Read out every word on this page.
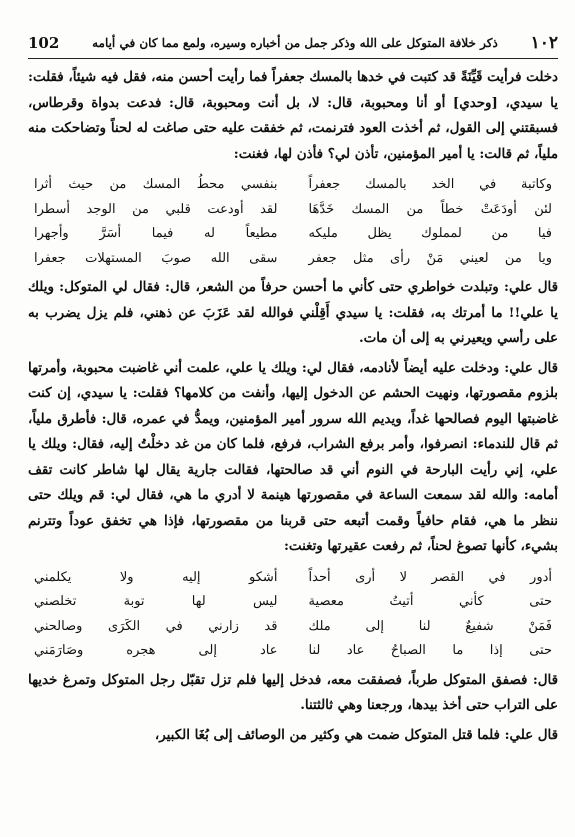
١٠٢
ذكر خلافة المتوكل على الله وذكر جمل من أخباره وسيره، ولمع مما كان في أيامه
102

دخلت فرأيت قَيِّنَةً قد كتبت في خدها بالمسك جعفراً فما رأيت أحسن منه، فقل فيه شيئاً، فقلت: يا سيدي، [وحدي] أو أنا ومحبوبة، قال: لا، بل أنت ومحبوبة، قال: فدعت بدواة وقرطاس، فسبقتني إلى القول، ثم أخذت العود فترنمت، ثم خفقت عليه حتى صاغت له لحناً وتضاحكت منه ملياً، ثم قالت: يا أمير المؤمنين، تأذن لي؟ فأذن لها، فغنت:

وكاتبة في الخد بالمسك جعفراً
بنفسي محطُ المسك من حيث أثرا
لئن أودَعَتْ خطاً من المسك خَدَّهَا
لقد أودعت قلبي من الوجد أسطرا
فيا من لمملوك يظل مليكه
مطيعاً له فيما أسَرَّ وأجهرا
ويا من لعيني مَنْ رأى مثل جعفر
سقى الله صوبَ المستهلات جعفرا

قال علي: وتبلدت خواطري حتى كأني ما أحسن حرفاً من الشعر، قال: فقال لي المتوكل: ويلك يا علي!! ما أمرتك به، فقلت: يا سيدي أَقِلْني فوالله لقد عَزَبَ عن ذهني، فلم يزل يضرب به على رأسي ويعيرني به إلى أن مات.

قال علي: ودخلت عليه أيضاً لأنادمه، فقال لي: ويلك يا علي، علمت أني غاضبت محبوبة، وأمرتها بلزوم مقصورتها، ونهيت الحشم عن الدخول إليها، وأنفت من كلامها؟ فقلت: يا سيدي، إن كنت غاضبتها اليوم فصالحها غداً، ويديم الله سرور أمير المؤمنين، ويمدُّ في عمره، قال: فأطرق ملياً، ثم قال للندماء: انصرفوا، وأمر برفع الشراب، فرفع، فلما كان من غد دخلْتُ إليه، فقال: ويلك يا علي، إني رأيت البارحة في النوم أني قد صالحتها، فقالت جارية يقال لها شاطر كانت تقف أمامه: والله لقد سمعت الساعة في مقصورتها هينمة لا أدري ما هي، فقال لي: قم ويلك حتى ننظر ما هي، فقام حافياً وقمت أتبعه حتى قربنا من مقصورتها، فإذا هي تخفق عوداً وتترنم بشيء، كأنها تصوغ لحناً، ثم رفعت عقيرتها وتغنت:

أدور في القصر لا أرى أحداً
أشكو إليه ولا يكلمني
حتى كأني أتيتُ معصية
ليس لها توبة تخلصني
فَمَنْ شفيعٌ لنا إلى ملك
قد زارني في الكَرَى وصالحني
حتى إذا ما الصباحُ عاد لنا
عاد إلى هجره وصَارَمَني

قال: فصفق المتوكل طرباً، فصفقت معه، فدخل إليها فلم تزل تقبّل رجل المتوكل وتمرغ خديها على التراب حتى أخذ بيدها، ورجعنا وهي ثالثتنا.

قال علي: فلما قتل المتوكل ضمت هي وكثير من الوصائف إلى بُغَا الكبير،
